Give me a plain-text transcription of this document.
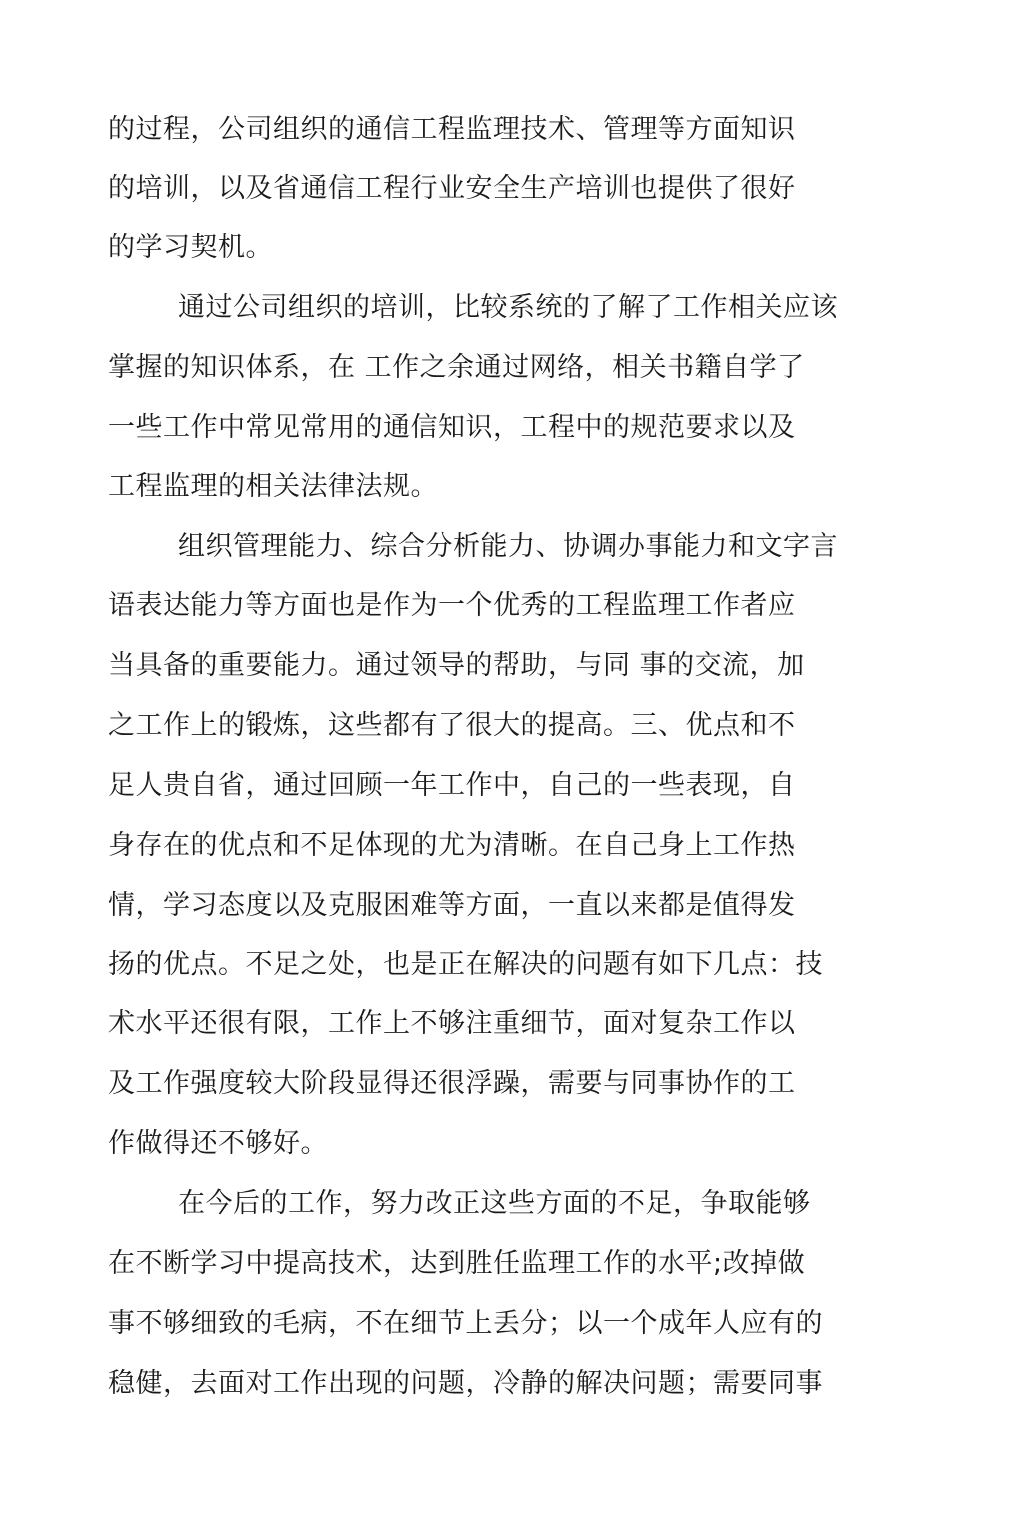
的过程，公司组织的通信工程监理技术、管理等方面知识
的培训，以及省通信工程行业安全生产培训也提供了很好
的学习契机。
通过公司组织的培训，比较系统的了解了工作相关应该
掌握的知识体系，在 工作之余通过网络，相关书籍自学了
一些工作中常见常用的通信知识，工程中的规范要求以及
工程监理的相关法律法规。
组织管理能力、综合分析能力、协调办事能力和文字言
语表达能力等方面也是作为一个优秀的工程监理工作者应
当具备的重要能力。通过领导的帮助，与同 事的交流，加
之工作上的锻炼，这些都有了很大的提高。三、优点和不
足人贵自省，通过回顾一年工作中，自己的一些表现，自
身存在的优点和不足体现的尤为清晰。在自己身上工作热
情，学习态度以及克服困难等方面，一直以来都是值得发
扬的优点。不足之处，也是正在解决的问题有如下几点：技
术水平还很有限，工作上不够注重细节，面对复杂工作以
及工作强度较大阶段显得还很浮躁，需要与同事协作的工
作做得还不够好。
在今后的工作，努力改正这些方面的不足，争取能够
在不断学习中提高技术，达到胜任监理工作的水平;改掉做
事不够细致的毛病，不在细节上丢分；以一个成年人应有的
稳健，去面对工作出现的问题，冷静的解决问题；需要同事
